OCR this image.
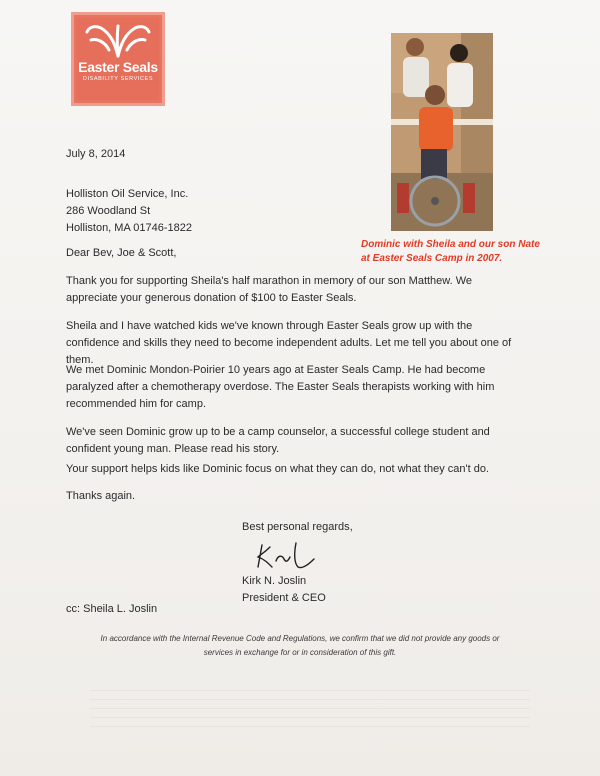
Easter Seals
DISABILITY SERVICES
Dominic with Sheila and our son Nate
at Easter Seals Camp in 2007.
July 8, 2014
Holliston Oil Service, Inc.
286 Woodland St
Holliston, MA 01746-1822
Dear Bev, Joe & Scott,
Thank you for supporting Sheila's half marathon in memory of our son Matthew. We appreciate your generous donation of $100 to Easter Seals.
Sheila and I have watched kids we've known through Easter Seals grow up with the confidence and skills they need to become independent adults. Let me tell you about one of them.
We met Dominic Mondon-Poirier 10 years ago at Easter Seals Camp. He had become paralyzed after a chemotherapy overdose. The Easter Seals therapists working with him recommended him for camp.
We've seen Dominic grow up to be a camp counselor, a successful college student and confident young man. Please read his story.
Your support helps kids like Dominic focus on what they can do, not what they can't do.
Thanks again.
Best personal regards,
Kirk N. Joslin
President & CEO
cc: Sheila L. Joslin
In accordance with the Internal Revenue Code and Regulations, we confirm that we did not provide any goods or
services in exchange for or in consideration of this gift.
